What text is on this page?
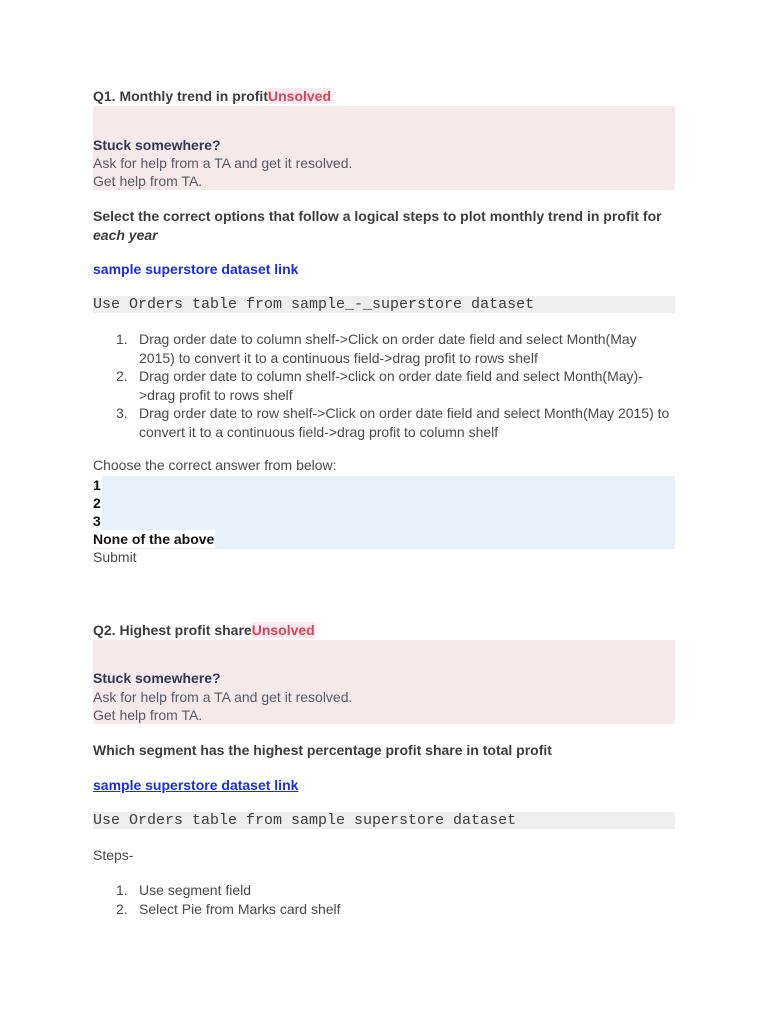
Q1. Monthly trend in profitUnsolved
Stuck somewhere?
Ask for help from a TA and get it resolved.
Get help from TA.
Select the correct options that follow a logical steps to plot monthly trend in profit for each year
sample superstore dataset link
Use Orders table from sample_-_superstore dataset
1. Drag order date to column shelf->Click on order date field and select Month(May 2015) to convert it to a continuous field->drag profit to rows shelf
2. Drag order date to column shelf->click on order date field and select Month(May)->drag profit to rows shelf
3. Drag order date to row shelf->Click on order date field and select Month(May 2015) to convert it to a continuous field->drag profit to column shelf
Choose the correct answer from below:
1
2
3
None of the above
Submit
Q2. Highest profit shareUnsolved
Stuck somewhere?
Ask for help from a TA and get it resolved.
Get help from TA.
Which segment has the highest percentage profit share in total profit
sample superstore dataset link
Use Orders table from sample superstore dataset
Steps-
1. Use segment field
2. Select Pie from Marks card shelf
